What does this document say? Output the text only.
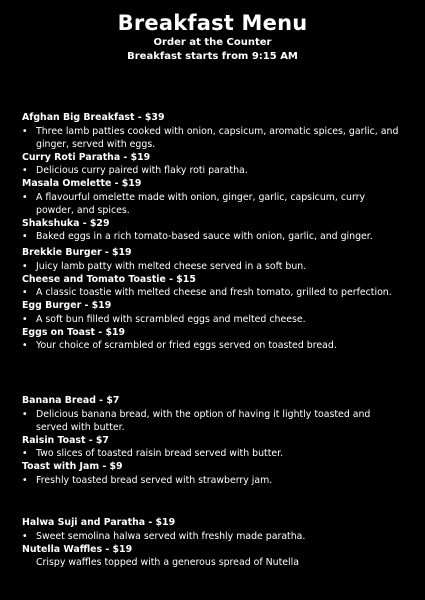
Breakfast Menu
Order at the Counter
Breakfast starts from 9:15 AM
Afghan Big Breakfast - $39
• Three lamb patties cooked with onion, capsicum, aromatic spices, garlic, and ginger, served with eggs.
Curry Roti Paratha - $19
• Delicious curry paired with flaky roti paratha.
Masala Omelette - $19
• A flavourful omelette made with onion, ginger, garlic, capsicum, curry powder, and spices.
Shakshuka - $29
• Baked eggs in a rich tomato-based sauce with onion, garlic, and ginger.
Brekkie Burger - $19
• Juicy lamb patty with melted cheese served in a soft bun.
Cheese and Tomato Toastie - $15
• A classic toastie with melted cheese and fresh tomato, grilled to perfection.
Egg Burger - $19
• A soft bun filled with scrambled eggs and melted cheese.
Eggs on Toast - $19
• Your choice of scrambled or fried eggs served on toasted bread.
Banana Bread - $7
• Delicious banana bread, with the option of having it lightly toasted and served with butter.
Raisin Toast - $7
• Two slices of toasted raisin bread served with butter.
Toast with Jam - $9
• Freshly toasted bread served with strawberry jam.
Halwa Suji and Paratha - $19
• Sweet semolina halwa served with freshly made paratha.
Nutella Waffles - $19
Crispy waffles topped with a generous spread of Nutella
